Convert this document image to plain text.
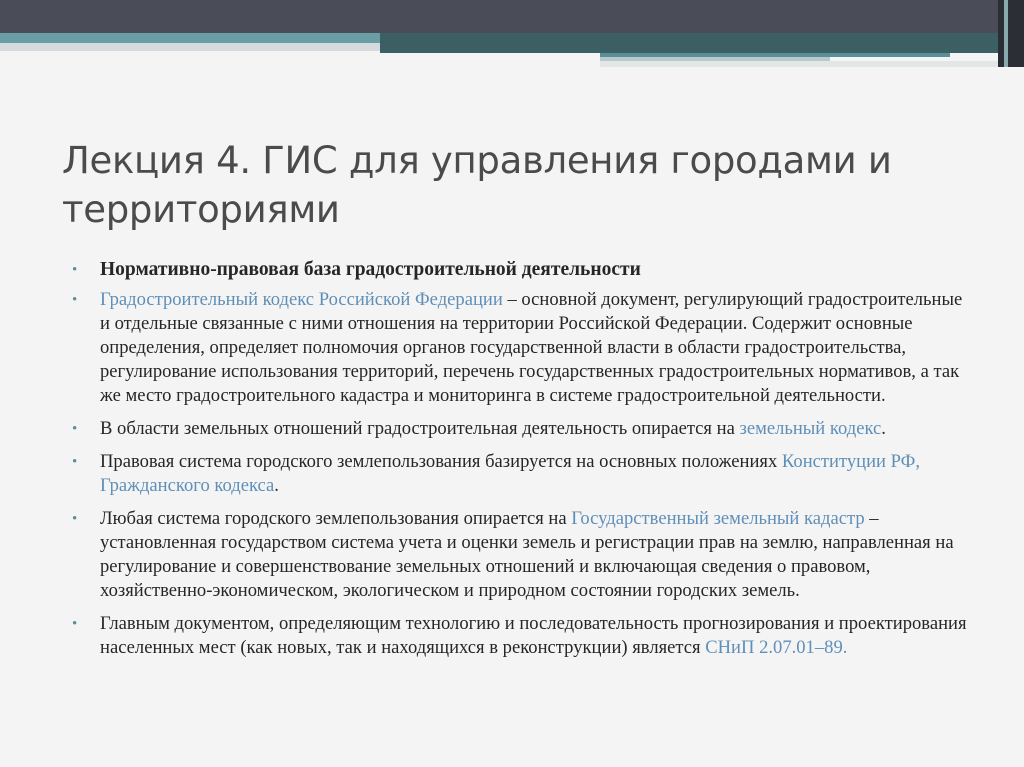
Лекция 4. ГИС для управления городами и территориями
• Нормативно-правовая база градостроительной деятельности
• Градостроительный кодекс Российской Федерации – основной документ, регулирующий градостроительные и отдельные связанные с ними отношения на территории Российской Федерации. Содержит основные определения, определяет полномочия органов государственной власти в области градостроительства, регулирование использования территорий, перечень государственных градостроительных нормативов, а так же место градостроительного кадастра и мониторинга в системе градостроительной деятельности.
• В области земельных отношений градостроительная деятельность опирается на земельный кодекс.
• Правовая система городского землепользования базируется на основных положениях Конституции РФ, Гражданского кодекса.
• Любая система городского землепользования опирается на Государственный земельный кадастр – установленная государством система учета и оценки земель и регистрации прав на землю, направленная на регулирование и совершенствование земельных отношений и включающая сведения о правовом, хозяйственно-экономическом, экологическом и природном состоянии городских земель.
• Главным документом, определяющим технологию и последовательность прогнозирования и проектирования населенных мест (как новых, так и находящихся в реконструкции) является СНиП 2.07.01–89.
